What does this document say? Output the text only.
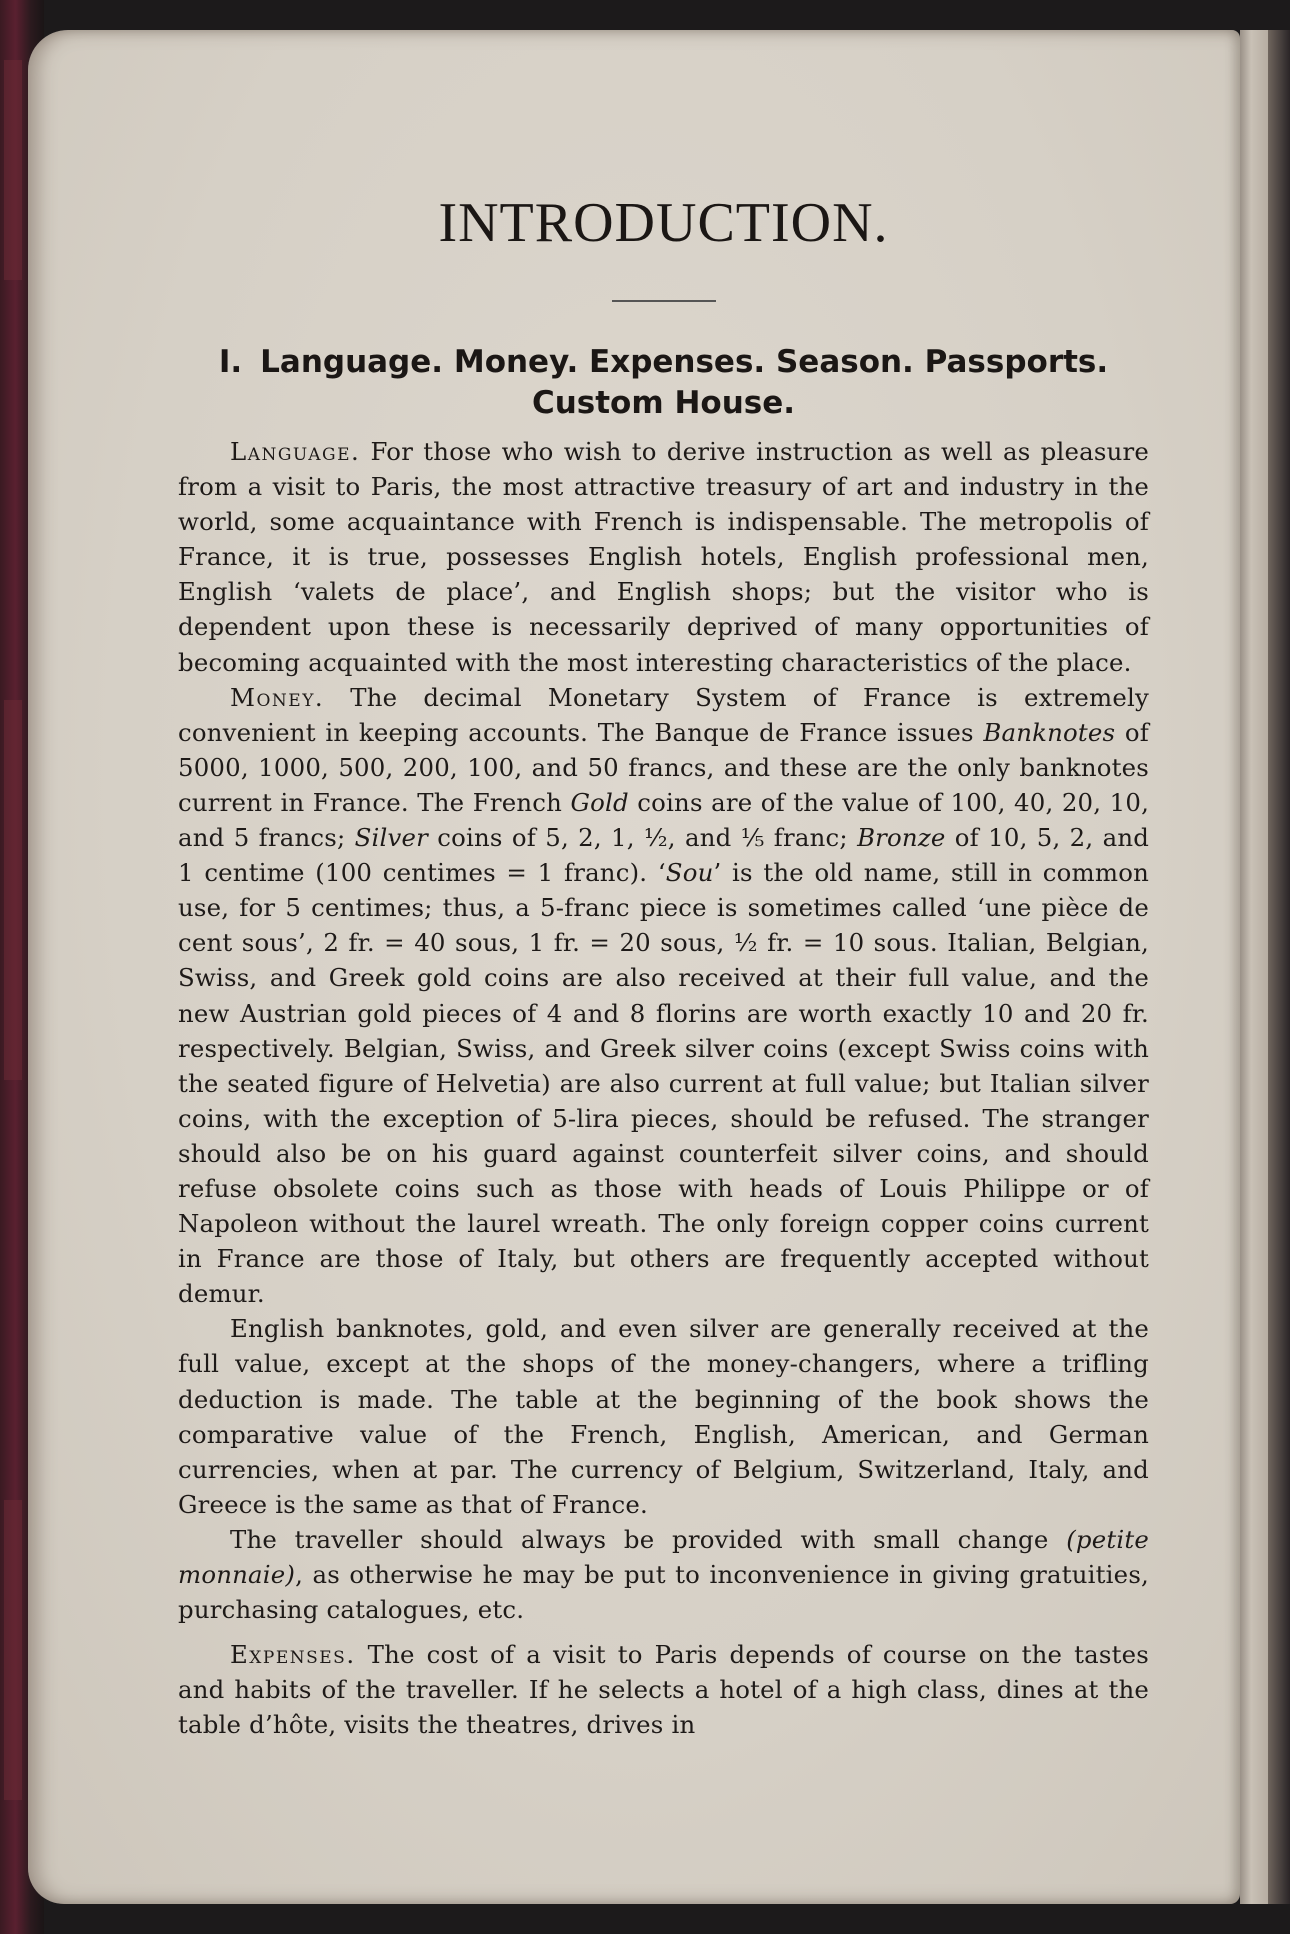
INTRODUCTION.
I. Language. Money. Expenses. Season. Passports. Custom House.

Language. For those who wish to derive instruction as well as pleasure from a visit to Paris, the most attractive treasury of art and industry in the world, some acquaintance with French is indispensable. The metropolis of France, it is true, possesses English hotels, English professional men, English ‘valets de place’, and English shops; but the visitor who is dependent upon these is necessarily deprived of many opportunities of becoming acquainted with the most interesting characteristics of the place.

Money. The decimal Monetary System of France is extremely convenient in keeping accounts. The Banque de France issues Banknotes of 5000, 1000, 500, 200, 100, and 50 francs, and these are the only banknotes current in France. The French Gold coins are of the value of 100, 40, 20, 10, and 5 francs; Silver coins of 5, 2, 1, ½, and ⅕ franc; Bronze of 10, 5, 2, and 1 centime (100 centimes = 1 franc). ‘Sou’ is the old name, still in common use, for 5 centimes; thus, a 5-franc piece is sometimes called ‘une pièce de cent sous’, 2 fr. = 40 sous, 1 fr. = 20 sous, ½ fr. = 10 sous. Italian, Belgian, Swiss, and Greek gold coins are also received at their full value, and the new Austrian gold pieces of 4 and 8 florins are worth exactly 10 and 20 fr. respectively. Belgian, Swiss, and Greek silver coins (except Swiss coins with the seated figure of Helvetia) are also current at full value; but Italian silver coins, with the exception of 5-lira pieces, should be refused. The stranger should also be on his guard against counterfeit silver coins, and should refuse obsolete coins such as those with heads of Louis Philippe or of Napoleon without the laurel wreath. The only foreign copper coins current in France are those of Italy, but others are frequently accepted without demur.

English banknotes, gold, and even silver are generally received at the full value, except at the shops of the money-changers, where a trifling deduction is made. The table at the beginning of the book shows the comparative value of the French, English, American, and German currencies, when at par. The currency of Belgium, Switzerland, Italy, and Greece is the same as that of France.

The traveller should always be provided with small change (petite monnaie), as otherwise he may be put to inconvenience in giving gratuities, purchasing catalogues, etc.

Expenses. The cost of a visit to Paris depends of course on the tastes and habits of the traveller. If he selects a hotel of a high class, dines at the table d’hôte, visits the theatres, drives in
